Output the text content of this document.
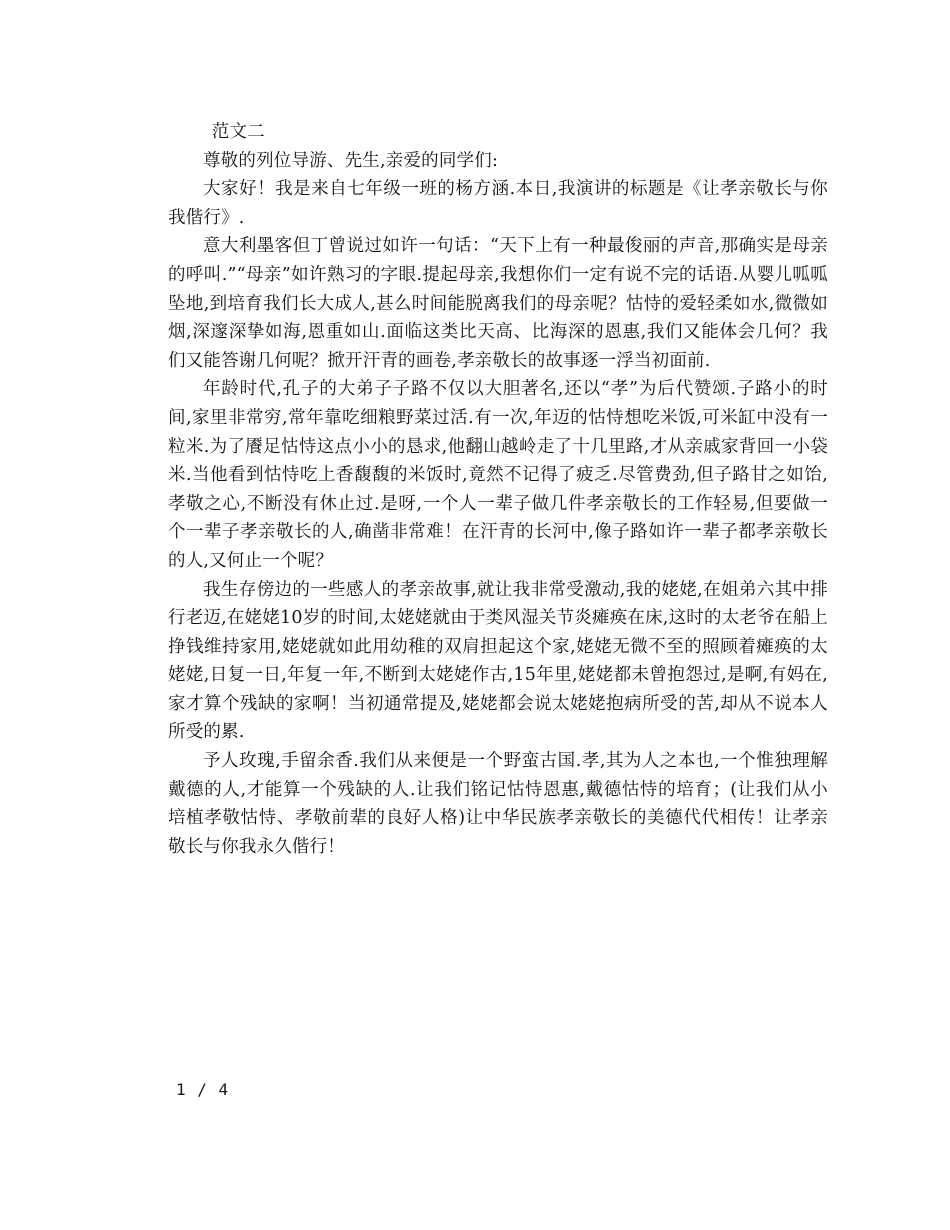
范文二

尊敬的列位导游、先生,亲爱的同学们:

大家好！我是来自七年级一班的杨方涵.本日,我演讲的标题是《让孝亲敬长与你我偕行》.

意大利墨客但丁曾说过如许一句话：“天下上有一种最俊丽的声音,那确实是母亲的呼叫.”“母亲”如许熟习的字眼.提起母亲,我想你们一定有说不完的话语.从婴儿呱呱坠地,到培育我们长大成人,甚么时间能脱离我们的母亲呢？怙恃的爱轻柔如水,微微如烟,深邃深挚如海,恩重如山.面临这类比天高、比海深的恩惠,我们又能体会几何？我们又能答谢几何呢？掀开汗青的画卷,孝亲敬长的故事逐一浮当初面前.

年龄时代,孔子的大弟子子路不仅以大胆著名,还以“孝”为后代赞颂.子路小的时间,家里非常穷,常年靠吃细粮野菜过活.有一次,年迈的怙恃想吃米饭,可米缸中没有一粒米.为了餍足怙恃这点小小的恳求,他翻山越岭走了十几里路,才从亲戚家背回一小袋米.当他看到怙恃吃上香馥馥的米饭时,竟然不记得了疲乏.尽管费劲,但子路甘之如饴,孝敬之心,不断没有休止过.是呀,一个人一辈子做几件孝亲敬长的工作轻易,但要做一个一辈子孝亲敬长的人,确凿非常难！在汗青的长河中,像子路如许一辈子都孝亲敬长的人,又何止一个呢？

我生存傍边的一些感人的孝亲故事,就让我非常受激动,我的姥姥,在姐弟六其中排行老迈,在姥姥10岁的时间,太姥姥就由于类风湿关节炎瘫痪在床,这时的太老爷在船上挣钱维持家用,姥姥就如此用幼稚的双肩担起这个家,姥姥无微不至的照顾着瘫痪的太姥姥,日复一日,年复一年,不断到太姥姥作古,15年里,姥姥都未曾抱怨过,是啊,有妈在,家才算个残缺的家啊！当初通常提及,姥姥都会说太姥姥抱病所受的苦,却从不说本人所受的累.

予人玫瑰,手留余香.我们从来便是一个野蛮古国.孝,其为人之本也,一个惟独理解戴德的人,才能算一个残缺的人.让我们铭记怙恃恩惠,戴德怙恃的培育；(让我们从小培植孝敬怙恃、孝敬前辈的良好人格)让中华民族孝亲敬长的美德代代相传！让孝亲敬长与你我永久偕行！

1 / 4
